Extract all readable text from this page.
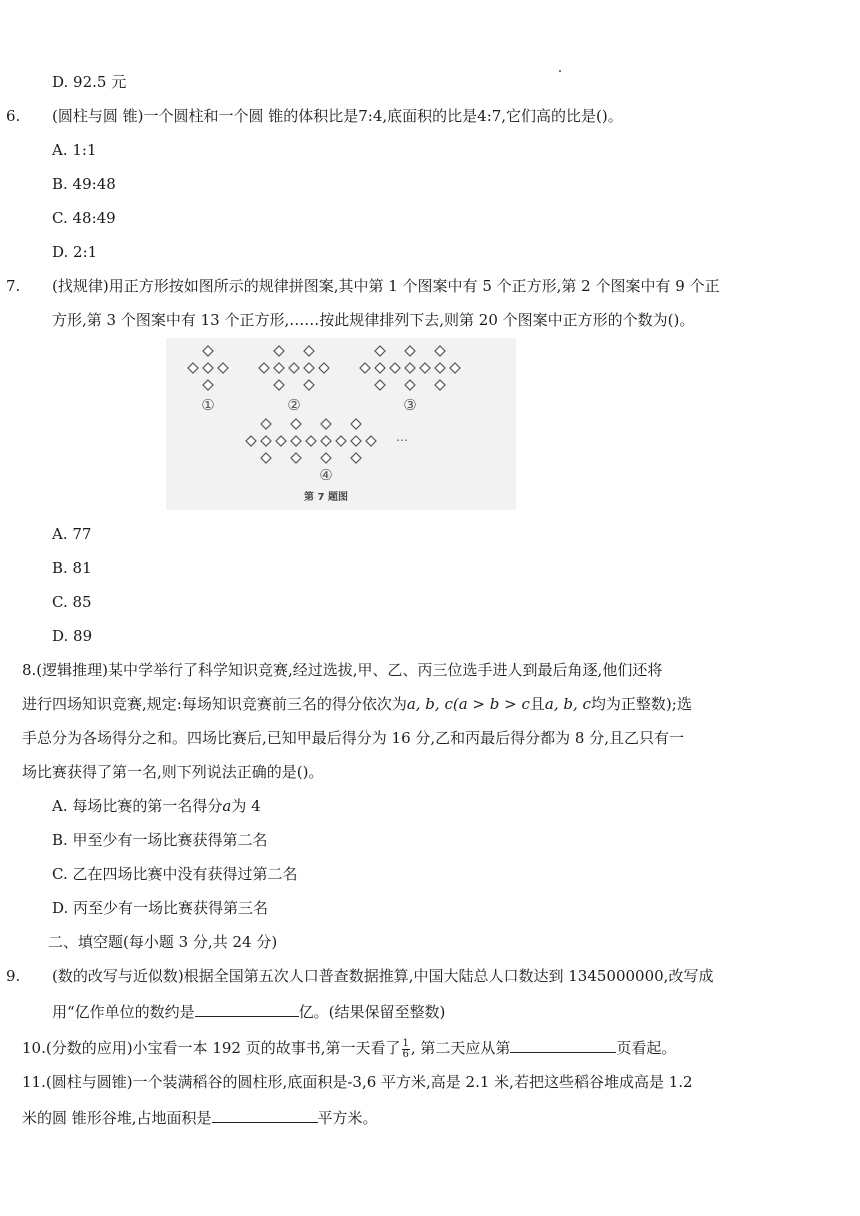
D. 92.5 元
6. (圆柱与圆 锥)一个圆柱和一个圆 锥的体积比是7:4,底面积的比是4:7,它们高的比是()。
A. 1:1
B. 49:48
C. 48:49
D. 2:1
7. (找规律)用正方形按如图所示的规律拼图案,其中第 1 个图案中有 5 个正方形,第 2 个图案中有 9 个正
方形,第 3 个图案中有 13 个正方形,……按此规律排列下去,则第 20 个图案中正方形的个数为()。
①	②	③
④
…
第 7 题图
A. 77
B. 81
C. 85
D. 89
8.(逻辑推理)某中学举行了科学知识竞赛,经过选拔,甲、乙、丙三位选手进人到最后角逐,他们还将
进行四场知识竞赛,规定:每场知识竞赛前三名的得分依次为a, b, c(a > b > c且a, b, c均为正整数);选
手总分为各场得分之和。四场比赛后,已知甲最后得分为 16 分,乙和丙最后得分都为 8 分,且乙只有一
场比赛获得了第一名,则下列说法正确的是()。
A. 每场比赛的第一名得分a为 4
B. 甲至少有一场比赛获得第二名
C. 乙在四场比赛中没有获得过第二名
D. 丙至少有一场比赛获得第三名
二、填空题(每小题 3 分,共 24 分)
9. (数的改写与近似数)根据全国第五次人口普查数据推算,中国大陆总人口数达到 1345000000,改写成
用“亿作单位的数约是	亿。(结果保留至整数)
10.(分数的应用)小宝看一本 192 页的故事书,第一天看了 $\frac{1}{6}$ , 第二天应从第	页看起。
11.(圆柱与圆锥)一个装满稻谷的圆柱形,底面积是-3,6 平方米,高是 2.1 米,若把这些稻谷堆成高是 1.2
米的圆 锥形谷堆,占地面积是	平方米。
